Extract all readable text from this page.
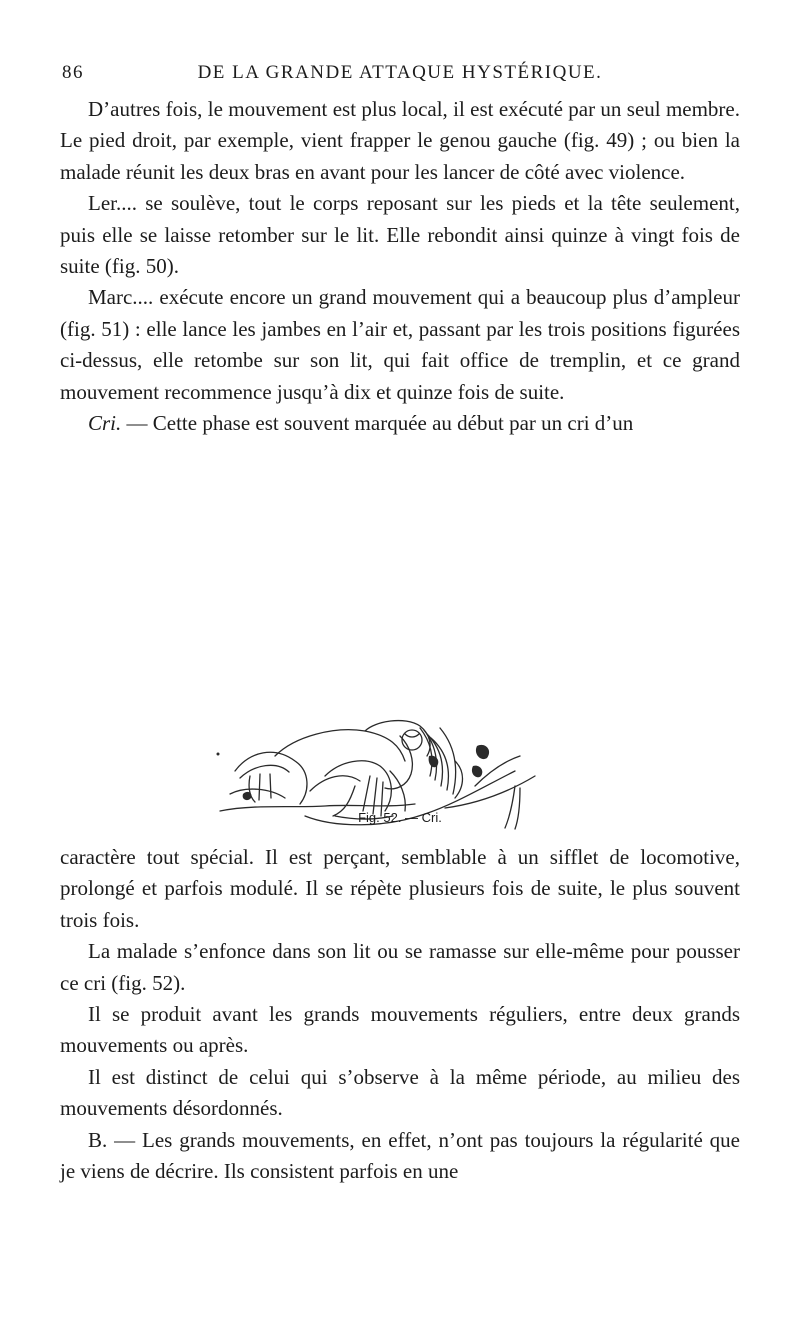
86	DE LA GRANDE ATTAQUE HYSTÉRIQUE.

D’autres fois, le mouvement est plus local, il est exécuté par un seul membre. Le pied droit, par exemple, vient frapper le genou gauche (fig. 49) ; ou bien la malade réunit les deux bras en avant pour les lancer de côté avec violence.

Ler.... se soulève, tout le corps reposant sur les pieds et la tête seulement, puis elle se laisse retomber sur le lit. Elle rebondit ainsi quinze à vingt fois de suite (fig. 50).

Marc.... exécute encore un grand mouvement qui a beaucoup plus d’ampleur (fig. 51) : elle lance les jambes en l’air et, passant par les trois positions figurées ci-dessus, elle retombe sur son lit, qui fait office de tremplin, et ce grand mouvement recommence jusqu’à dix et quinze fois de suite.

Cri. — Cette phase est souvent marquée au début par un cri d’un

Fig. 52. — Cri.

caractère tout spécial. Il est perçant, semblable à un sifflet de locomotive, prolongé et parfois modulé. Il se répète plusieurs fois de suite, le plus souvent trois fois.

La malade s’enfonce dans son lit ou se ramasse sur elle-même pour pousser ce cri (fig. 52).

Il se produit avant les grands mouvements réguliers, entre deux grands mouvements ou après.

Il est distinct de celui qui s’observe à la même période, au milieu des mouvements désordonnés.

B. — Les grands mouvements, en effet, n’ont pas toujours la régularité que je viens de décrire. Ils consistent parfois en une
